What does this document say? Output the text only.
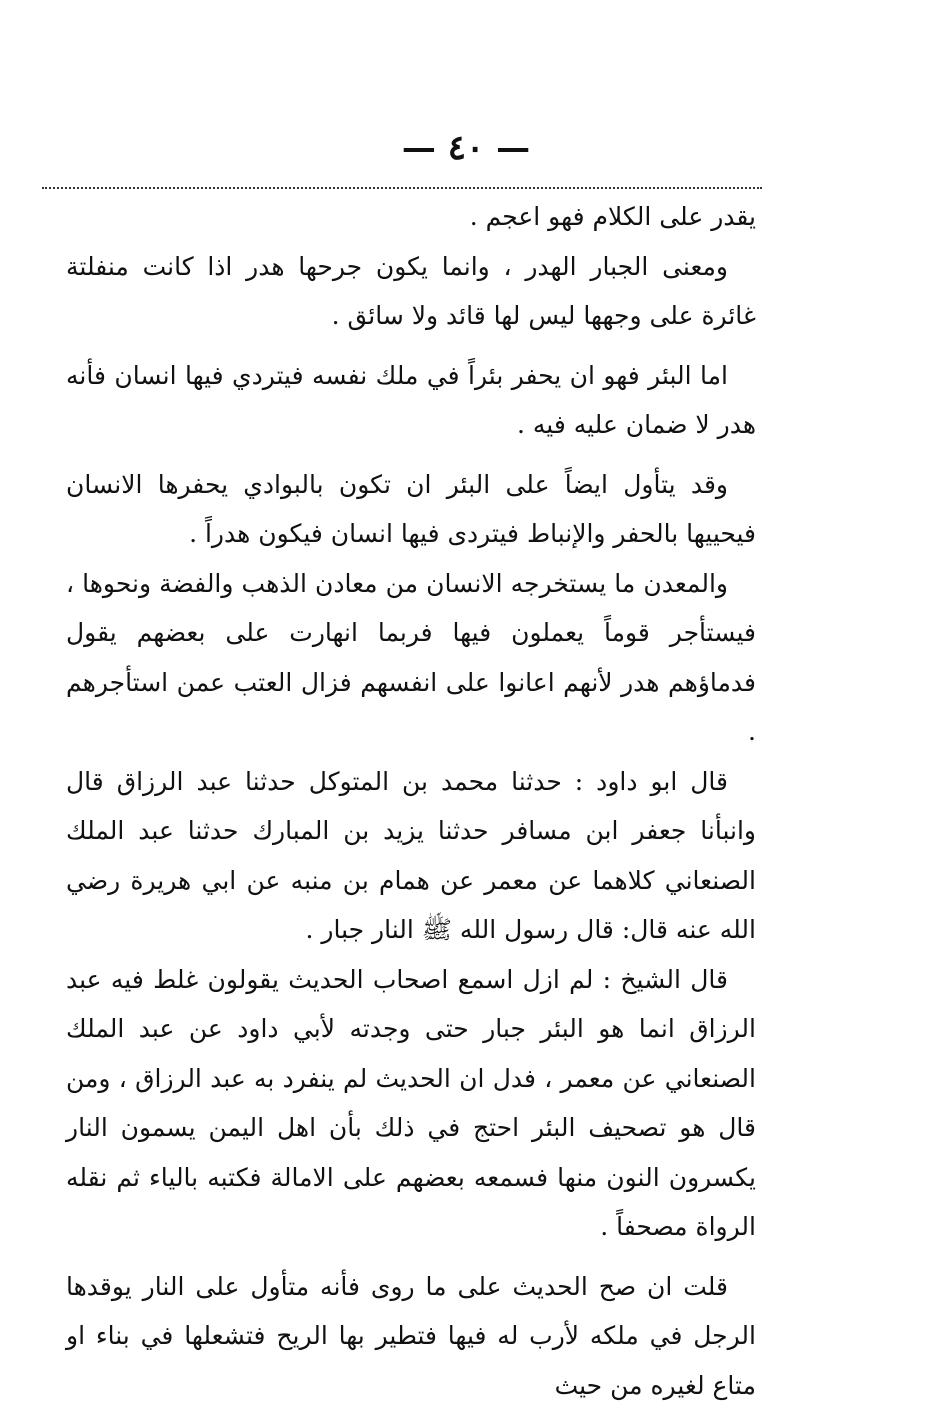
— ٤٠ —

يقدر على الكلام فهو اعجم .

ومعنى الجبار الهدر ، وانما يكون جرحها هدر اذا كانت منفلتة غائرة على وجهها ليس لها قائد ولا سائق .

اما البئر فهو ان يحفر بئراً في ملك نفسه فيتردي فيها انسان فأنه هدر لا ضمان عليه فيه .

وقد يتأول ايضاً على البئر ان تكون بالبوادي يحفرها الانسان فيحييها بالحفر والإنباط فيتردى فيها انسان فيكون هدراً .

والمعدن ما يستخرجه الانسان من معادن الذهب والفضة ونحوها ، فيستأجر قوماً يعملون فيها فربما انهارت على بعضهم يقول فدماؤهم هدر لأنهم اعانوا على انفسهم فزال العتب عمن استأجرهم .

قال ابو داود : حدثنا محمد بن المتوكل حدثنا عبد الرزاق قال وانبأنا جعفر ابن مسافر حدثنا يزيد بن المبارك حدثنا عبد الملك الصنعاني كلاهما عن معمر عن همام بن منبه عن ابي هريرة رضي الله عنه قال: قال رسول الله ﷺ النار جبار .

قال الشيخ : لم ازل اسمع اصحاب الحديث يقولون غلط فيه عبد الرزاق انما هو البئر جبار حتى وجدته لأبي داود عن عبد الملك الصنعاني عن معمر ، فدل ان الحديث لم ينفرد به عبد الرزاق ، ومن قال هو تصحيف البئر احتج في ذلك بأن اهل اليمن يسمون النار يكسرون النون منها فسمعه بعضهم على الامالة فكتبه بالياء ثم نقله الرواة مصحفاً .

قلت ان صح الحديث على ما روى فأنه متأول على النار يوقدها الرجل في ملكه لأرب له فيها فتطير بها الريح فتشعلها في بناء او متاع لغيره من حيث
